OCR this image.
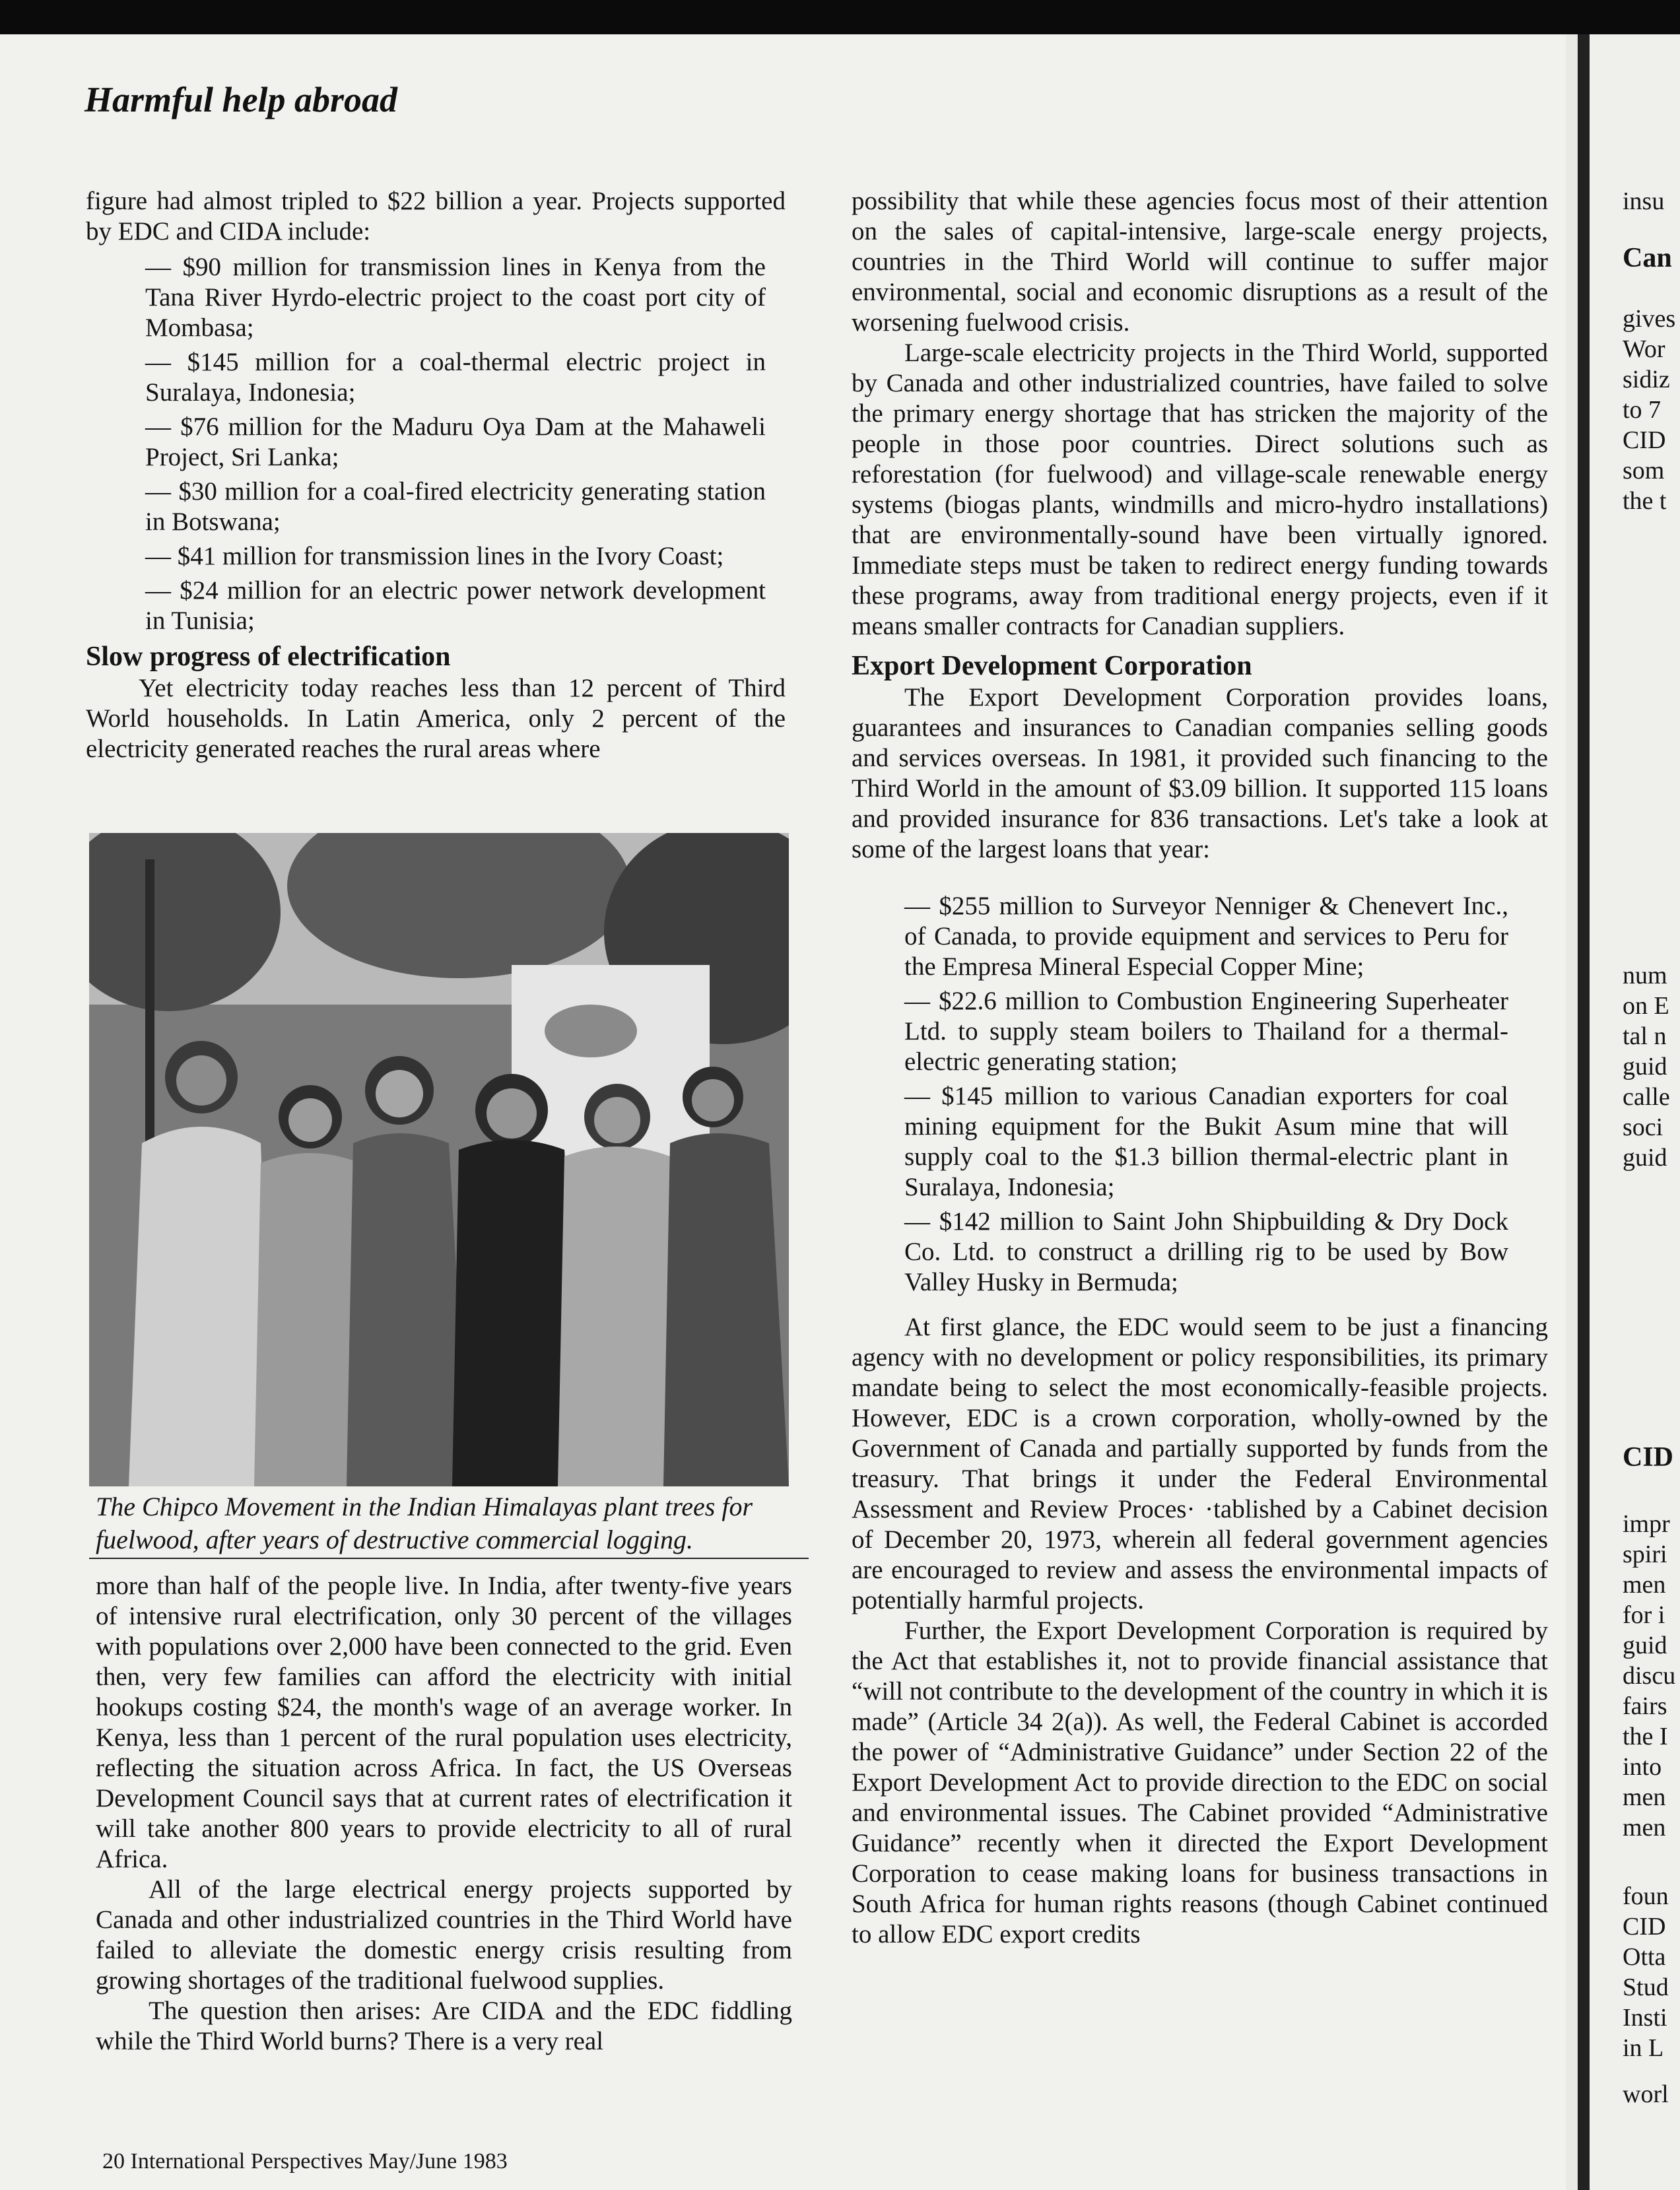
Harmful help abroad

figure had almost tripled to $22 billion a year. Projects supported by EDC and CIDA include:

— $90 million for transmission lines in Kenya from the Tana River Hyrdo-electric project to the coast port city of Mombasa;

— $145 million for a coal-thermal electric project in Suralaya, Indonesia;

— $76 million for the Maduru Oya Dam at the Mahaweli Project, Sri Lanka;

— $30 million for a coal-fired electricity generating station in Botswana;

— $41 million for transmission lines in the Ivory Coast;

— $24 million for an electric power network development in Tunisia;

Slow progress of electrification

Yet electricity today reaches less than 12 percent of Third World households. In Latin America, only 2 percent of the electricity generated reaches the rural areas where

The Chipco Movement in the Indian Himalayas plant trees for fuelwood, after years of destructive commercial logging.

more than half of the people live. In India, after twenty-five years of intensive rural electrification, only 30 percent of the villages with populations over 2,000 have been connected to the grid. Even then, very few families can afford the electricity with initial hookups costing $24, the month's wage of an average worker. In Kenya, less than 1 percent of the rural population uses electricity, reflecting the situation across Africa. In fact, the US Overseas Development Council says that at current rates of electrification it will take another 800 years to provide electricity to all of rural Africa.

All of the large electrical energy projects supported by Canada and other industrialized countries in the Third World have failed to alleviate the domestic energy crisis resulting from growing shortages of the traditional fuelwood supplies.

The question then arises: Are CIDA and the EDC fiddling while the Third World burns? There is a very real

possibility that while these agencies focus most of their attention on the sales of capital-intensive, large-scale energy projects, countries in the Third World will continue to suffer major environmental, social and economic disruptions as a result of the worsening fuelwood crisis.

Large-scale electricity projects in the Third World, supported by Canada and other industrialized countries, have failed to solve the primary energy shortage that has stricken the majority of the people in those poor countries. Direct solutions such as reforestation (for fuelwood) and village-scale renewable energy systems (biogas plants, windmills and micro-hydro installations) that are environmentally-sound have been virtually ignored. Immediate steps must be taken to redirect energy funding towards these programs, away from traditional energy projects, even if it means smaller contracts for Canadian suppliers.

Export Development Corporation

The Export Development Corporation provides loans, guarantees and insurances to Canadian companies selling goods and services overseas. In 1981, it provided such financing to the Third World in the amount of $3.09 billion. It supported 115 loans and provided insurance for 836 transactions. Let's take a look at some of the largest loans that year:

— $255 million to Surveyor Nenniger & Chenevert Inc., of Canada, to provide equipment and services to Peru for the Empresa Mineral Especial Copper Mine;

— $22.6 million to Combustion Engineering Superheater Ltd. to supply steam boilers to Thailand for a thermal-electric generating station;

— $145 million to various Canadian exporters for coal mining equipment for the Bukit Asum mine that will supply coal to the $1.3 billion thermal-electric plant in Suralaya, Indonesia;

— $142 million to Saint John Shipbuilding & Dry Dock Co. Ltd. to construct a drilling rig to be used by Bow Valley Husky in Bermuda;

At first glance, the EDC would seem to be just a financing agency with no development or policy responsibilities, its primary mandate being to select the most economically-feasible projects. However, EDC is a crown corporation, wholly-owned by the Government of Canada and partially supported by funds from the treasury. That brings it under the Federal Environmental Assessment and Review Proces· ·tablished by a Cabinet decision of December 20, 1973, wherein all federal government agencies are encouraged to review and assess the environmental impacts of potentially harmful projects.

Further, the Export Development Corporation is required by the Act that establishes it, not to provide financial assistance that “will not contribute to the development of the country in which it is made” (Article 34 2(a)). As well, the Federal Cabinet is accorded the power of “Administrative Guidance” under Section 22 of the Export Development Act to provide direction to the EDC on social and environmental issues. The Cabinet provided “Administrative Guidance” recently when it directed the Export Development Corporation to cease making loans for business transactions in South Africa for human rights reasons (though Cabinet continued to allow EDC export credits

insu
Can
gives
Wor
sidiz
to 7
CID
som
the t
num
on E
tal n
guid
calle
soci
guid
CID
impr
spiri
men
for i
guid
discu
fairs
the I
into
men
men
foun
CID
Otta
Stud
Insti
in L
worl
20 International Perspectives May/June 1983
